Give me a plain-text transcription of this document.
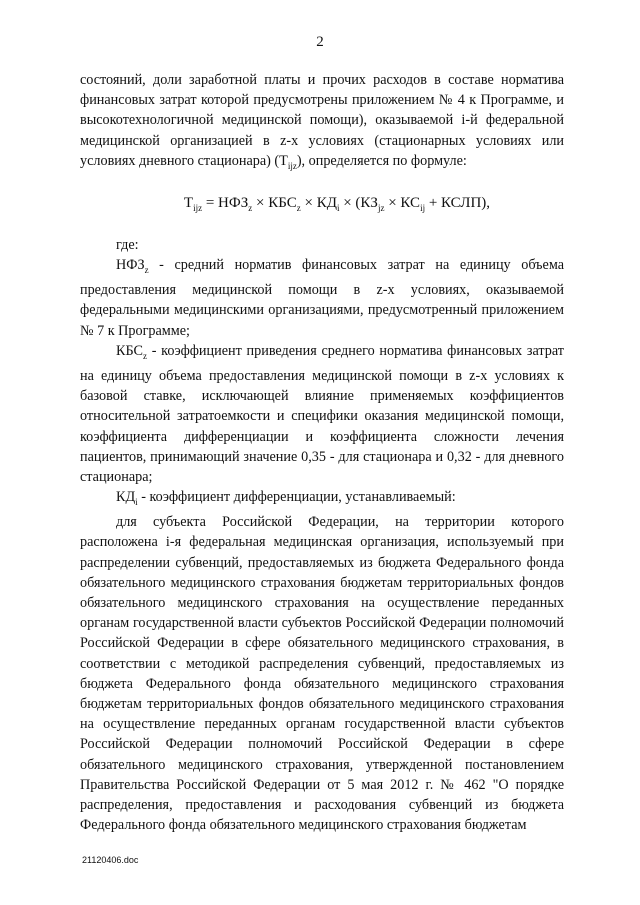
2

состояний, доли заработной платы и прочих расходов в составе норматива финансовых затрат которой предусмотрены приложением № 4 к Программе, и высокотехнологичной медицинской помощи), оказываемой i-й федеральной медицинской организацией в z-х условиях (стационарных условиях или условиях дневного стационара) $(T_{ijz})$, определяется по формуле:

$T_{ijz} = НФЗ_z \times КБС_z \times КД_i \times (КЗ_{jz} \times КС_{ij}$ + КСЛП),

где:

$НФЗ_z$ - средний норматив финансовых затрат на единицу объема предоставления медицинской помощи в z-х условиях, оказываемой федеральными медицинскими организациями, предусмотренный приложением № 7 к Программе;

$КБС_z$ - коэффициент приведения среднего норматива финансовых затрат на единицу объема предоставления медицинской помощи в z-х условиях к базовой ставке, исключающей влияние применяемых коэффициентов относительной затратоемкости и специфики оказания медицинской помощи, коэффициента дифференциации и коэффициента сложности лечения пациентов, принимающий значение 0,35 - для стационара и 0,32 - для дневного стационара;

$КД_i$ - коэффициент дифференциации, устанавливаемый:

для субъекта Российской Федерации, на территории которого расположена i-я федеральная медицинская организация, используемый при распределении субвенций, предоставляемых из бюджета Федерального фонда обязательного медицинского страхования бюджетам территориальных фондов обязательного медицинского страхования на осуществление переданных органам государственной власти субъектов Российской Федерации полномочий Российской Федерации в сфере обязательного медицинского страхования, в соответствии с методикой распределения субвенций, предоставляемых из бюджета Федерального фонда обязательного медицинского страхования бюджетам территориальных фондов обязательного медицинского страхования на осуществление переданных органам государственной власти субъектов Российской Федерации полномочий Российской Федерации в сфере обязательного медицинского страхования, утвержденной постановлением Правительства Российской Федерации от 5 мая 2012 г. № 462 "О порядке распределения, предоставления и расходования субвенций из бюджета Федерального фонда обязательного медицинского страхования бюджетам

21120406.doc
